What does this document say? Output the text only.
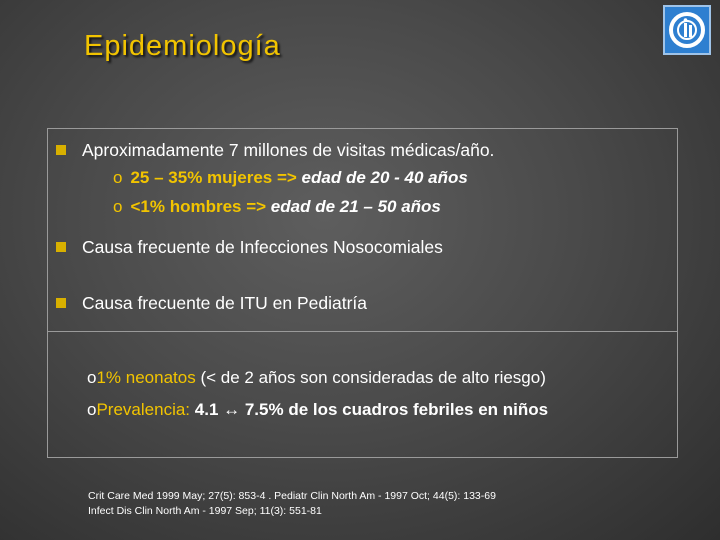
Epidemiología
Aproximadamente 7 millones de visitas médicas/año.
o 25 – 35% mujeres => edad de 20 - 40 años
o <1% hombres => edad de 21 – 50 años
Causa frecuente de Infecciones Nosocomiales
Causa frecuente de ITU en Pediatría
o1% neonatos (< de 2 años son consideradas de alto riesgo)
oPrevalencia: 4.1 ↔ 7.5% de los cuadros febriles en niños
Crit Care Med 1999 May; 27(5): 853-4 . Pediatr Clin North Am - 1997 Oct; 44(5): 133-69
Infect Dis Clin North Am - 1997 Sep; 11(3): 551-81
